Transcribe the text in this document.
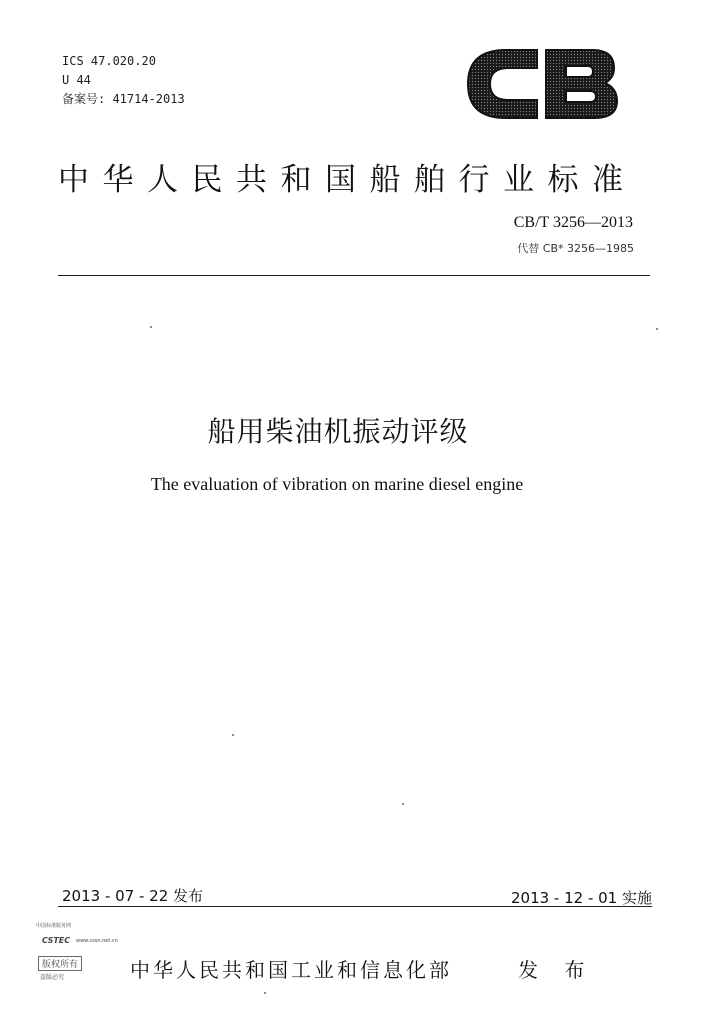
ICS 47.020.20
U 44
备案号: 41714-2013
中华人民共和国船舶行业标准
CB/T 3256—2013
代替 CB* 3256—1985
船用柴油机振动评级
The evaluation of vibration on marine diesel engine
2013 - 07 - 22 发布	2013 - 12 - 01 实施
中国标准服务网
CSTEC www.cssn.net.cn
版权所有
盗版必究	中华人民共和国工业和信息化部	发 布
